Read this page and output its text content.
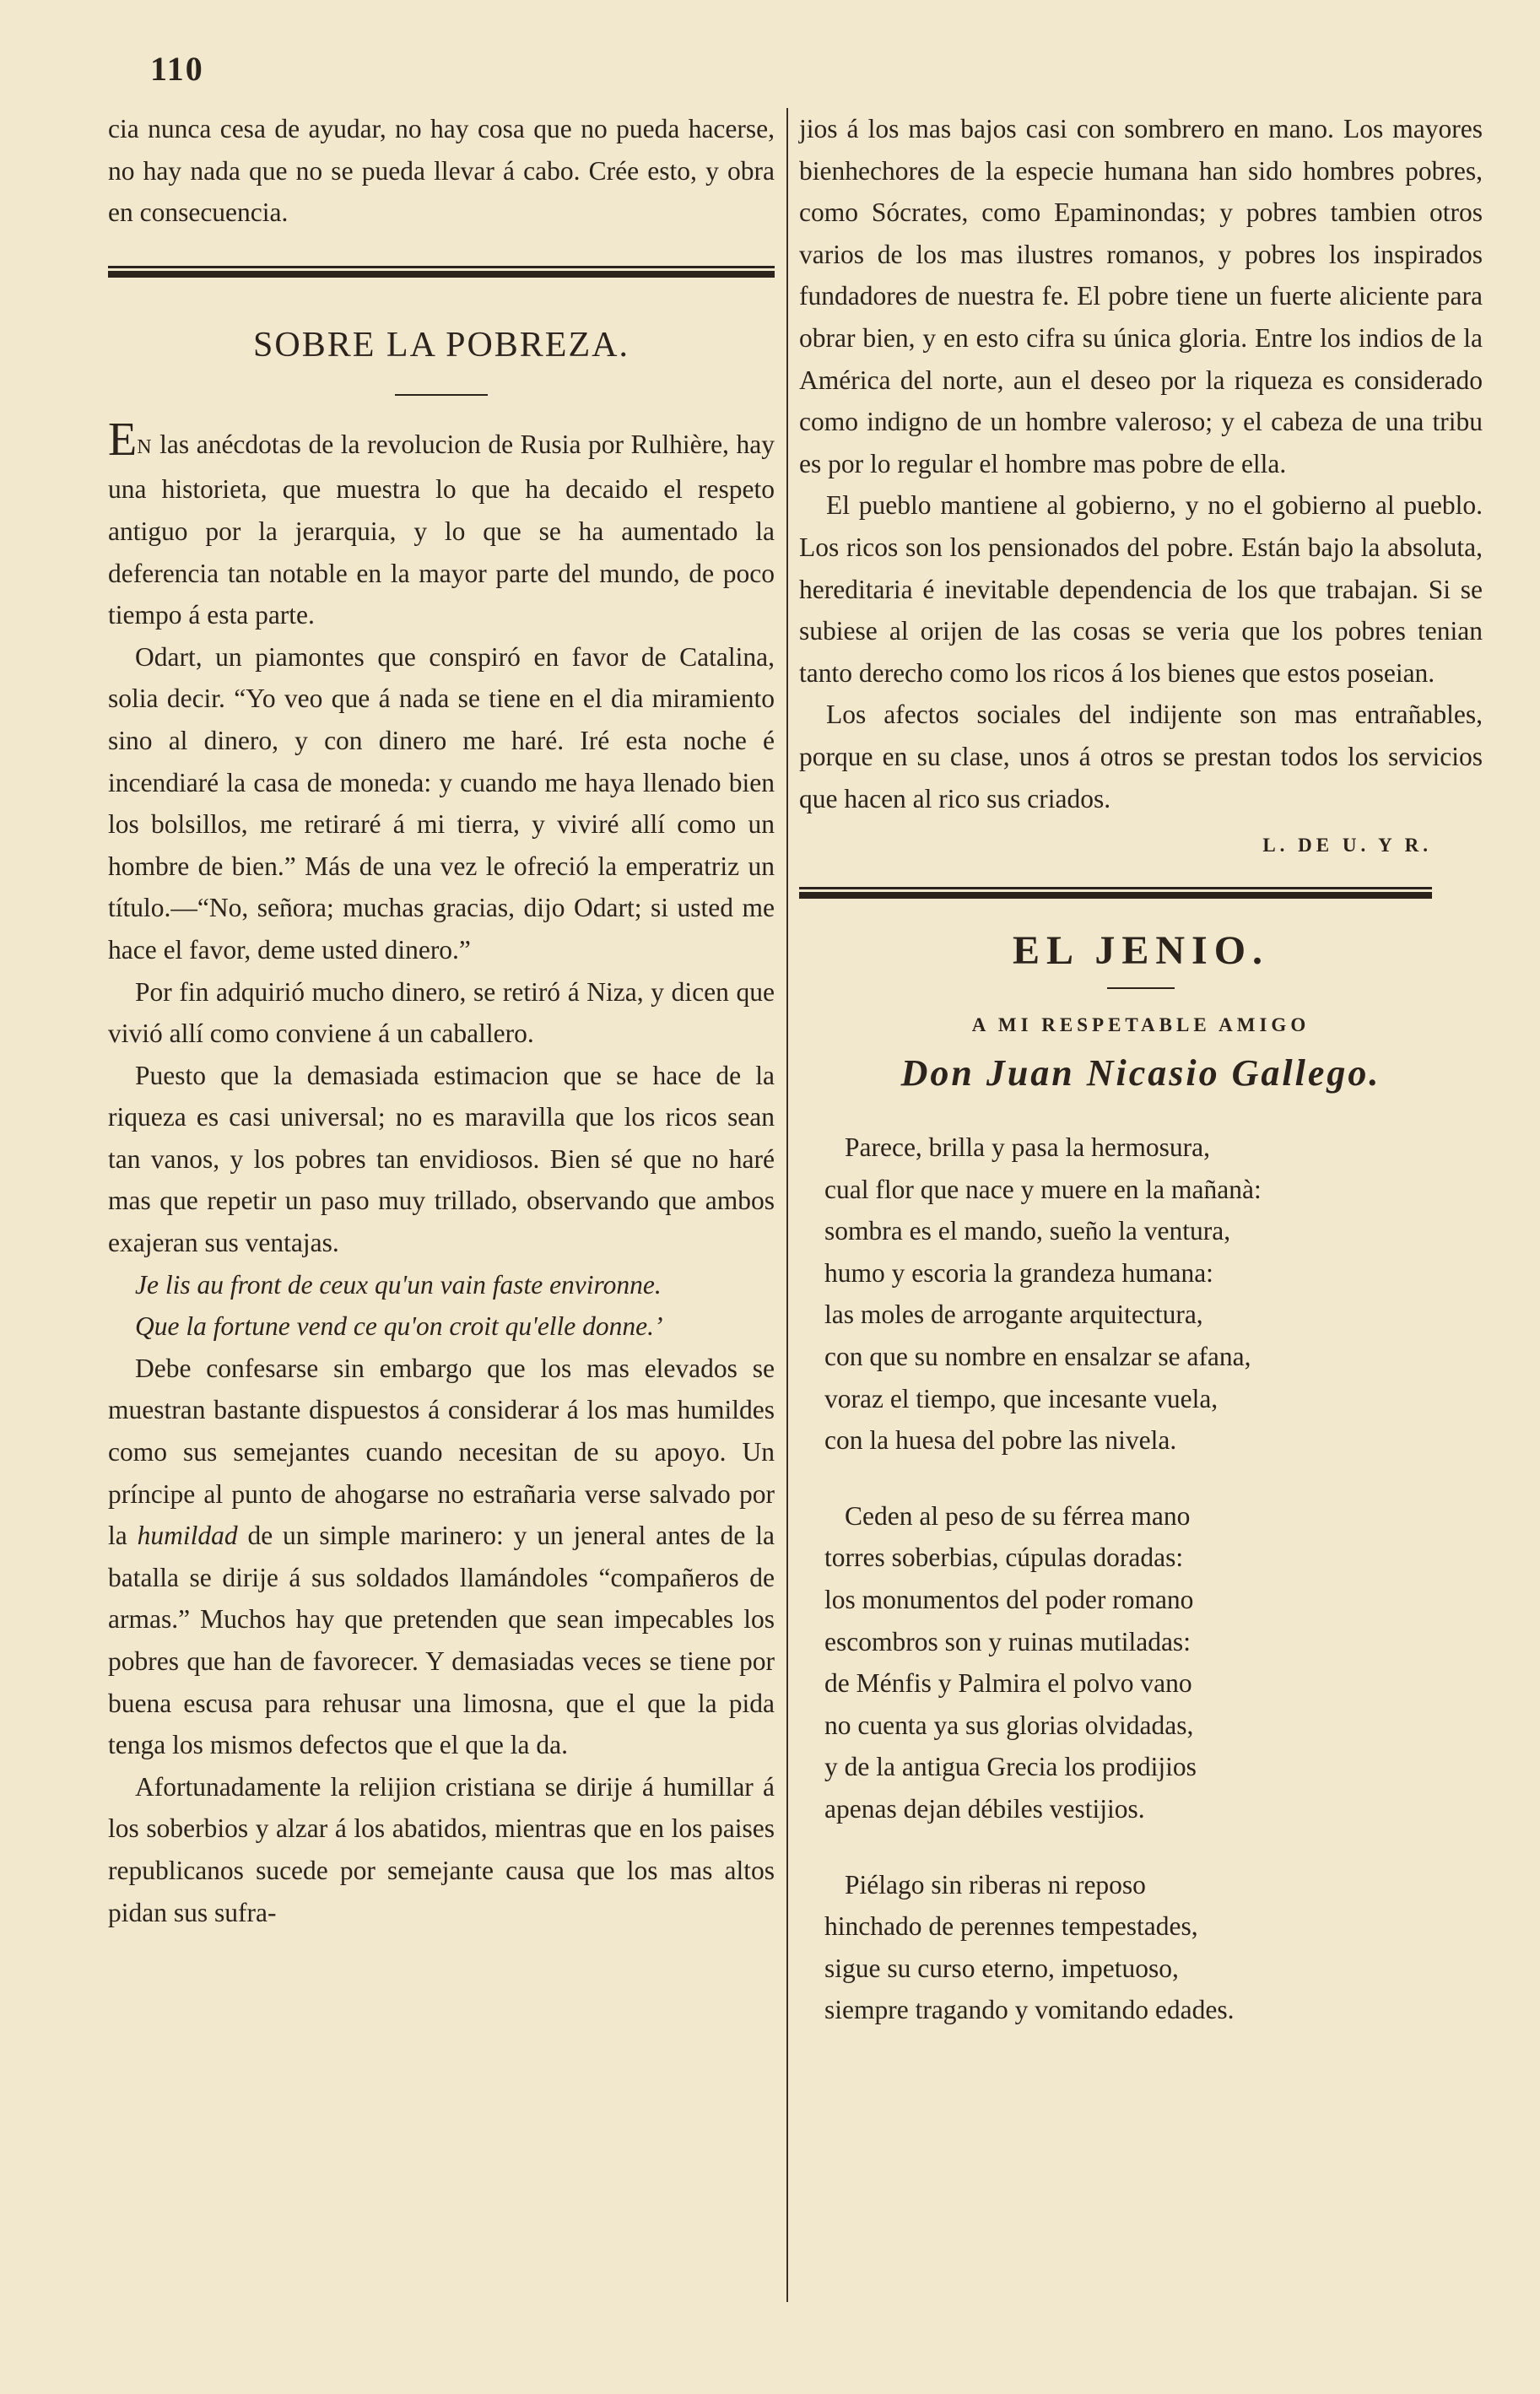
110

cia nunca cesa de ayudar, no hay cosa que no pueda hacerse, no hay nada que no se pueda llevar á cabo. Crée esto, y obra en consecuencia.

SOBRE LA POBREZA.

EN las anécdotas de la revolucion de Rusia por Rulhière, hay una historieta, que muestra lo que ha decaido el respeto antiguo por la jerarquia, y lo que se ha aumentado la deferencia tan notable en la mayor parte del mundo, de poco tiempo á esta parte.

Odart, un piamontes que conspiró en favor de Catalina, solia decir. “Yo veo que á nada se tiene en el dia miramiento sino al dinero, y con dinero me haré. Iré esta noche é incendiaré la casa de moneda: y cuando me haya llenado bien los bolsillos, me retiraré á mi tierra, y viviré allí como un hombre de bien.” Más de una vez le ofreció la emperatriz un título.—“No, señora; muchas gracias, dijo Odart; si usted me hace el favor, deme usted dinero.”

Por fin adquirió mucho dinero, se retiró á Niza, y dicen que vivió allí como conviene á un caballero.

Puesto que la demasiada estimacion que se hace de la riqueza es casi universal; no es maravilla que los ricos sean tan vanos, y los pobres tan envidiosos. Bien sé que no haré mas que repetir un paso muy trillado, observando que ambos exajeran sus ventajas.

Je lis au front de ceux qu'un vain faste environne.

Que la fortune vend ce qu'on croit qu'elle donne.’

Debe confesarse sin embargo que los mas elevados se muestran bastante dispuestos á considerar á los mas humildes como sus semejantes cuando necesitan de su apoyo. Un príncipe al punto de ahogarse no estrañaria verse salvado por la humildad de un simple marinero: y un jeneral antes de la batalla se dirije á sus soldados llamándoles “compañeros de armas.” Muchos hay que pretenden que sean impecables los pobres que han de favorecer. Y demasiadas veces se tiene por buena escusa para rehusar una limosna, que el que la pida tenga los mismos defectos que el que la da.

Afortunadamente la relijion cristiana se dirije á humillar á los soberbios y alzar á los abatidos, mientras que en los paises republicanos sucede por semejante causa que los mas altos pidan sus sufra-

jios á los mas bajos casi con sombrero en mano. Los mayores bienhechores de la especie humana han sido hombres pobres, como Sócrates, como Epaminondas; y pobres tambien otros varios de los mas ilustres romanos, y pobres los inspirados fundadores de nuestra fe. El pobre tiene un fuerte aliciente para obrar bien, y en esto cifra su única gloria. Entre los indios de la América del norte, aun el deseo por la riqueza es considerado como indigno de un hombre valeroso; y el cabeza de una tribu es por lo regular el hombre mas pobre de ella.

El pueblo mantiene al gobierno, y no el gobierno al pueblo. Los ricos son los pensionados del pobre. Están bajo la absoluta, hereditaria é inevitable dependencia de los que trabajan. Si se subiese al orijen de las cosas se veria que los pobres tenian tanto derecho como los ricos á los bienes que estos poseian.

Los afectos sociales del indijente son mas entrañables, porque en su clase, unos á otros se prestan todos los servicios que hacen al rico sus criados.

L. DE U. Y R.
EL JENIO.
A MI RESPETABLE AMIGO
Don Juan Nicasio Gallego.
Parece, brilla y pasa la hermosura,
cual flor que nace y muere en la mañanà:
sombra es el mando, sueño la ventura,
humo y escoria la grandeza humana:
las moles de arrogante arquitectura,
con que su nombre en ensalzar se afana,
voraz el tiempo, que incesante vuela,
con la huesa del pobre las nivela.
Ceden al peso de su férrea mano
torres soberbias, cúpulas doradas:
los monumentos del poder romano
escombros son y ruinas mutiladas:
de Ménfis y Palmira el polvo vano
no cuenta ya sus glorias olvidadas,
y de la antigua Grecia los prodijios
apenas dejan débiles vestijios.
Piélago sin riberas ni reposo
hinchado de perennes tempestades,
sigue su curso eterno, impetuoso,
siempre tragando y vomitando edades.
